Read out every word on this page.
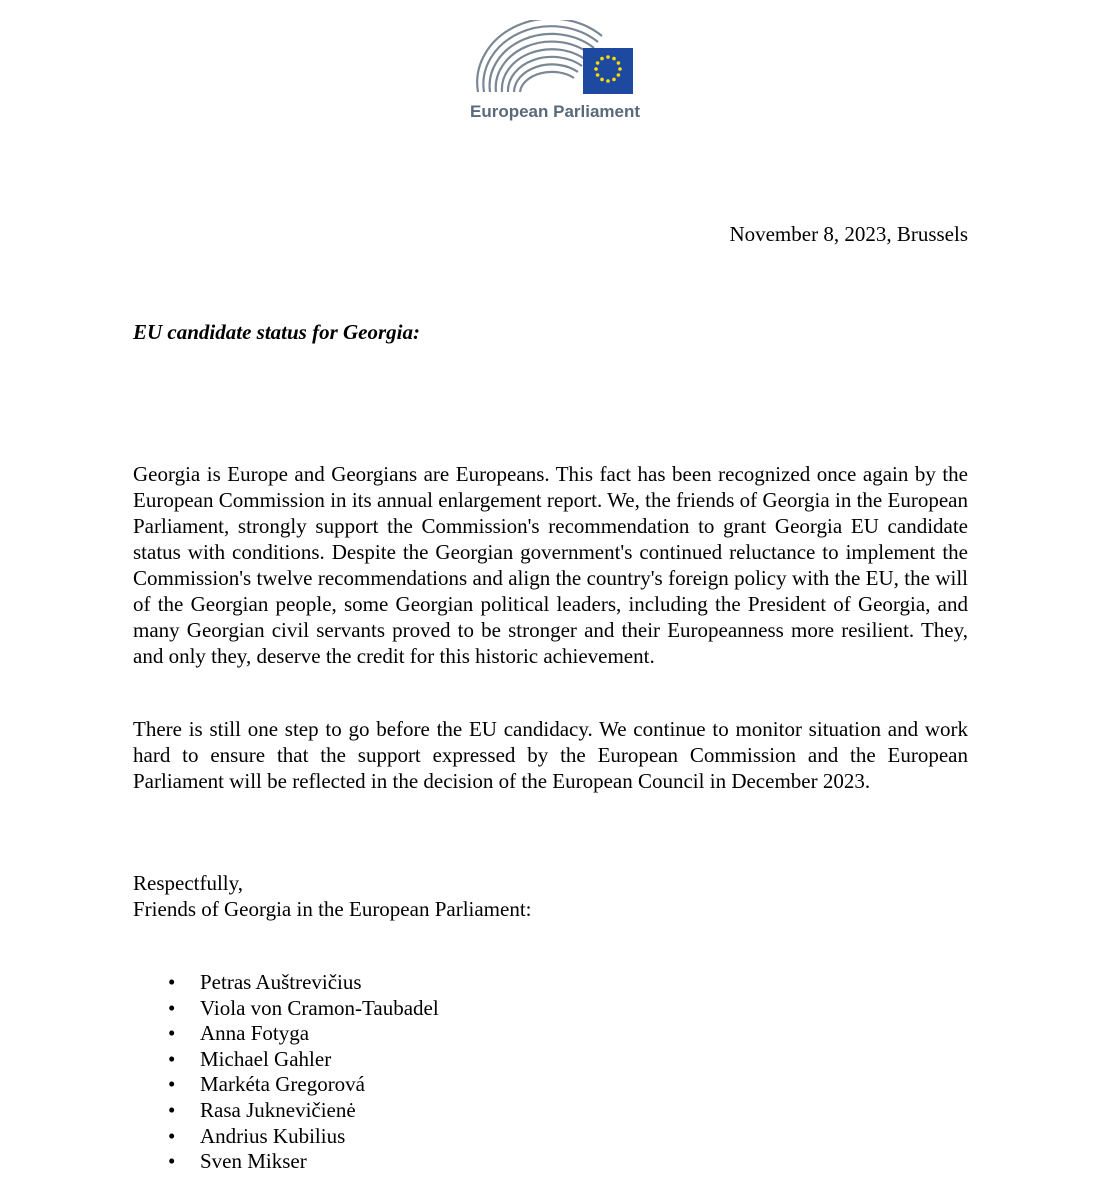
European Parliament
November 8, 2023, Brussels
EU candidate status for Georgia:

Georgia is Europe and Georgians are Europeans. This fact has been recognized once again by the European Commission in its annual enlargement report. We, the friends of Georgia in the European Parliament, strongly support the Commission's recommendation to grant Georgia EU candidate status with conditions. Despite the Georgian government's continued reluctance to implement the Commission's twelve recommendations and align the country's foreign policy with the EU, the will of the Georgian people, some Georgian political leaders, including the President of Georgia, and many Georgian civil servants proved to be stronger and their Europeanness more resilient. They, and only they, deserve the credit for this historic achievement.

There is still one step to go before the EU candidacy. We continue to monitor situation and work hard to ensure that the support expressed by the European Commission and the European Parliament will be reflected in the decision of the European Council in December 2023.

Respectfully,
Friends of Georgia in the European Parliament:
• Petras Auštrevičius
• Viola von Cramon-Taubadel
• Anna Fotyga
• Michael Gahler
• Markéta Gregorová
• Rasa Juknevičienė
• Andrius Kubilius
• Sven Mikser
